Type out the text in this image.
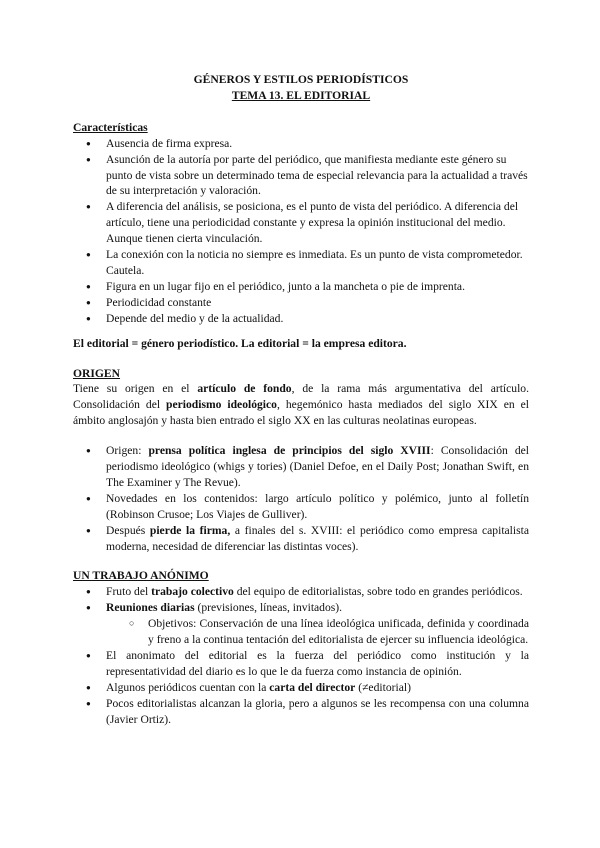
GÉNEROS Y ESTILOS PERIODÍSTICOS

TEMA 13. EL EDITORIAL

Características

● Ausencia de firma expresa.
● Asunción de la autoría por parte del periódico, que manifiesta mediante este género su punto de vista sobre un determinado tema de especial relevancia para la actualidad a través de su interpretación y valoración.
● A diferencia del análisis, se posiciona, es el punto de vista del periódico. A diferencia del artículo, tiene una periodicidad constante y expresa la opinión institucional del medio. Aunque tienen cierta vinculación.
● La conexión con la noticia no siempre es inmediata. Es un punto de vista comprometedor. Cautela.
● Figura en un lugar fijo en el periódico, junto a la mancheta o pie de imprenta.
● Periodicidad constante
● Depende del medio y de la actualidad.

El editorial = género periodístico. La editorial = la empresa editora.

ORIGEN

Tiene su origen en el artículo de fondo, de la rama más argumentativa del artículo. Consolidación del periodismo ideológico, hegemónico hasta mediados del siglo XIX en el ámbito anglosajón y hasta bien entrado el siglo XX en las culturas neolatinas europeas.

● Origen: prensa política inglesa de principios del siglo XVIII: Consolidación del periodismo ideológico (whigs y tories) (Daniel Defoe, en el Daily Post; Jonathan Swift, en The Examiner y The Revue).
● Novedades en los contenidos: largo artículo político y polémico, junto al folletín (Robinson Crusoe; Los Viajes de Gulliver).
● Después pierde la firma, a finales del s. XVIII: el periódico como empresa capitalista moderna, necesidad de diferenciar las distintas voces).

UN TRABAJO ANÓNIMO

● Fruto del trabajo colectivo del equipo de editorialistas, sobre todo en grandes periódicos.
● Reuniones diarias (previsiones, líneas, invitados).
○ Objetivos: Conservación de una línea ideológica unificada, definida y coordinada y freno a la continua tentación del editorialista de ejercer su influencia ideológica.
● El anonimato del editorial es la fuerza del periódico como institución y la representatividad del diario es lo que le da fuerza como instancia de opinión.
● Algunos periódicos cuentan con la carta del director (≠editorial)
● Pocos editorialistas alcanzan la gloria, pero a algunos se les recompensa con una columna (Javier Ortiz).
